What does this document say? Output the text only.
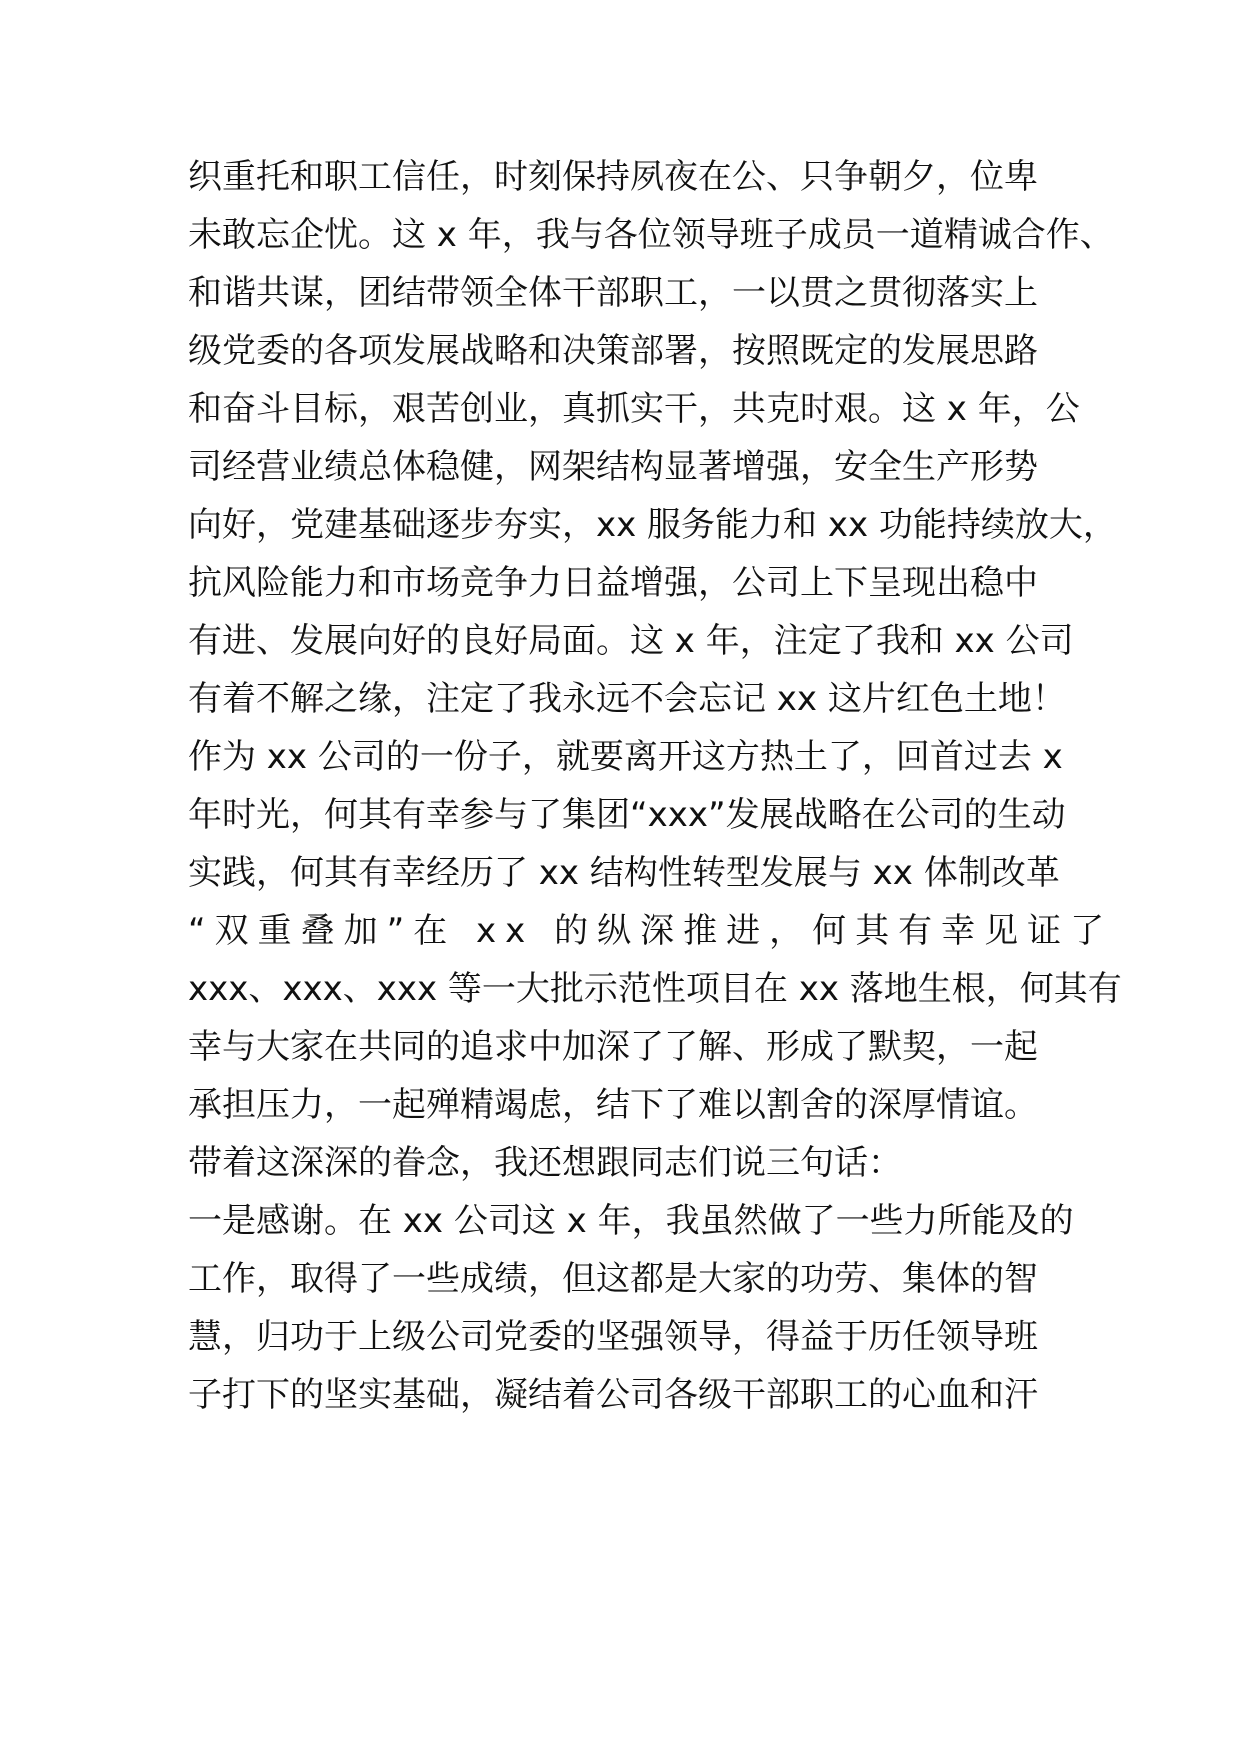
织重托和职工信任，时刻保持夙夜在公、只争朝夕，位卑
未敢忘企忧。这 x 年，我与各位领导班子成员一道精诚合作、
和谐共谋，团结带领全体干部职工，一以贯之贯彻落实上
级党委的各项发展战略和决策部署，按照既定的发展思路
和奋斗目标，艰苦创业，真抓实干，共克时艰。这 x 年，公
司经营业绩总体稳健，网架结构显著增强，安全生产形势
向好，党建基础逐步夯实，xx 服务能力和 xx 功能持续放大，
抗风险能力和市场竞争力日益增强，公司上下呈现出稳中
有进、发展向好的良好局面。这 x 年，注定了我和 xx 公司
有着不解之缘，注定了我永远不会忘记 xx 这片红色土地！
作为 xx 公司的一份子，就要离开这方热土了，回首过去 x
年时光，何其有幸参与了集团“xxx”发展战略在公司的生动
实践，何其有幸经历了 xx 结构性转型发展与 xx 体制改革
“双重叠加”在 xx 的纵深推进，何其有幸见证了
xxx、xxx、xxx 等一大批示范性项目在 xx 落地生根，何其有
幸与大家在共同的追求中加深了了解、形成了默契，一起
承担压力，一起殚精竭虑，结下了难以割舍的深厚情谊。
带着这深深的眷念，我还想跟同志们说三句话：
一是感谢。在 xx 公司这 x 年，我虽然做了一些力所能及的
工作，取得了一些成绩，但这都是大家的功劳、集体的智
慧，归功于上级公司党委的坚强领导，得益于历任领导班
子打下的坚实基础，凝结着公司各级干部职工的心血和汗
